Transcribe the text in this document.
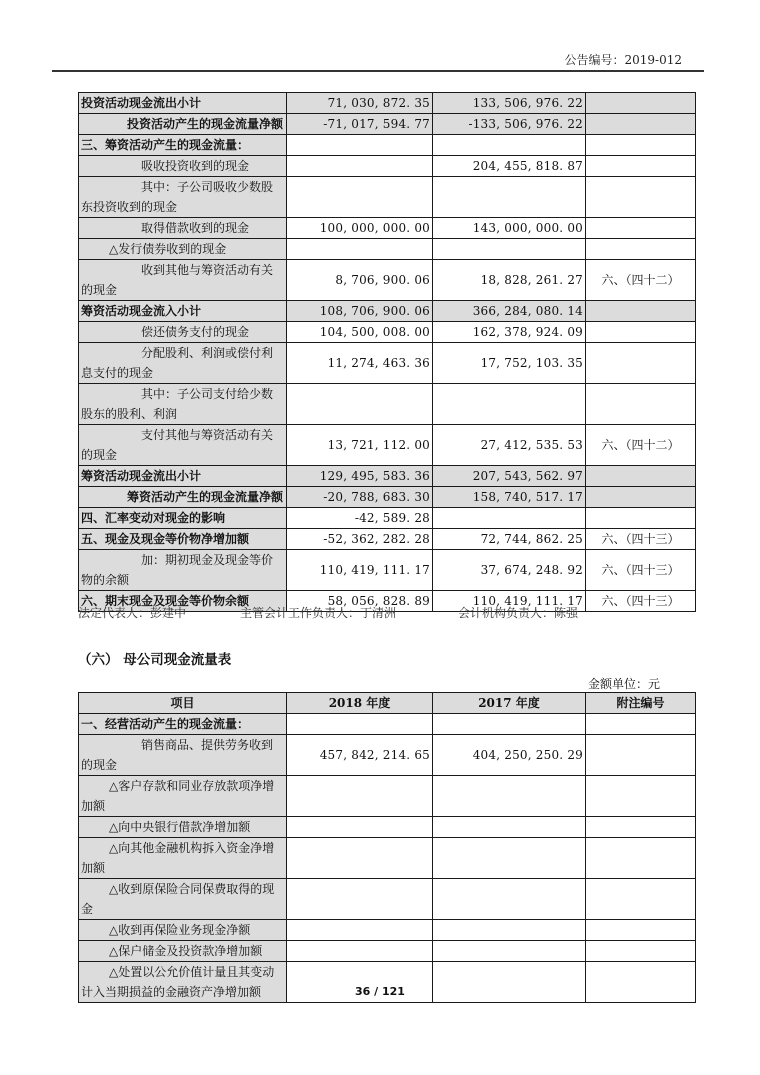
公告编号：2019-012
投资活动现金流出小计	71, 030, 872. 35	133, 506, 976. 22	
投资活动产生的现金流量净额	-71, 017, 594. 77	-133, 506, 976. 22	
三、筹资活动产生的现金流量：			
吸收投资收到的现金		204, 455, 818. 87	
其中：子公司吸收少数股东投资收到的现金			
取得借款收到的现金	100, 000, 000. 00	143, 000, 000. 00	
△发行债券收到的现金			
收到其他与筹资活动有关的现金	8, 706, 900. 06	18, 828, 261. 27	六、（四十二）
筹资活动现金流入小计	108, 706, 900. 06	366, 284, 080. 14	
偿还债务支付的现金	104, 500, 008. 00	162, 378, 924. 09	
分配股利、利润或偿付利息支付的现金	11, 274, 463. 36	17, 752, 103. 35	
其中：子公司支付给少数股东的股利、利润			
支付其他与筹资活动有关的现金	13, 721, 112. 00	27, 412, 535. 53	六、（四十二）
筹资活动现金流出小计	129, 495, 583. 36	207, 543, 562. 97	
筹资活动产生的现金流量净额	-20, 788, 683. 30	158, 740, 517. 17	
四、汇率变动对现金的影响	-42, 589. 28		
五、现金及现金等价物净增加额	-52, 362, 282. 28	72, 744, 862. 25	六、（四十三）
加：期初现金及现金等价物的余额	110, 419, 111. 17	37, 674, 248. 92	六、（四十三）
六、期末现金及现金等价物余额	58, 056, 828. 89	110, 419, 111. 17	六、（四十三）
法定代表人：彭建中	主管会计工作负责人：丁清洲	会计机构负责人：陈强
（六） 母公司现金流量表
金额单位：元
项目	2018 年度	2017 年度	附注编号
一、经营活动产生的现金流量：			
销售商品、提供劳务收到的现金	457, 842, 214. 65	404, 250, 250. 29	
△客户存款和同业存放款项净增加额			
△向中央银行借款净增加额			
△向其他金融机构拆入资金净增加额			
△收到原保险合同保费取得的现金			
△收到再保险业务现金净额			
△保户储金及投资款净增加额			
△处置以公允价值计量且其变动计入当期损益的金融资产净增加额				36 / 121
